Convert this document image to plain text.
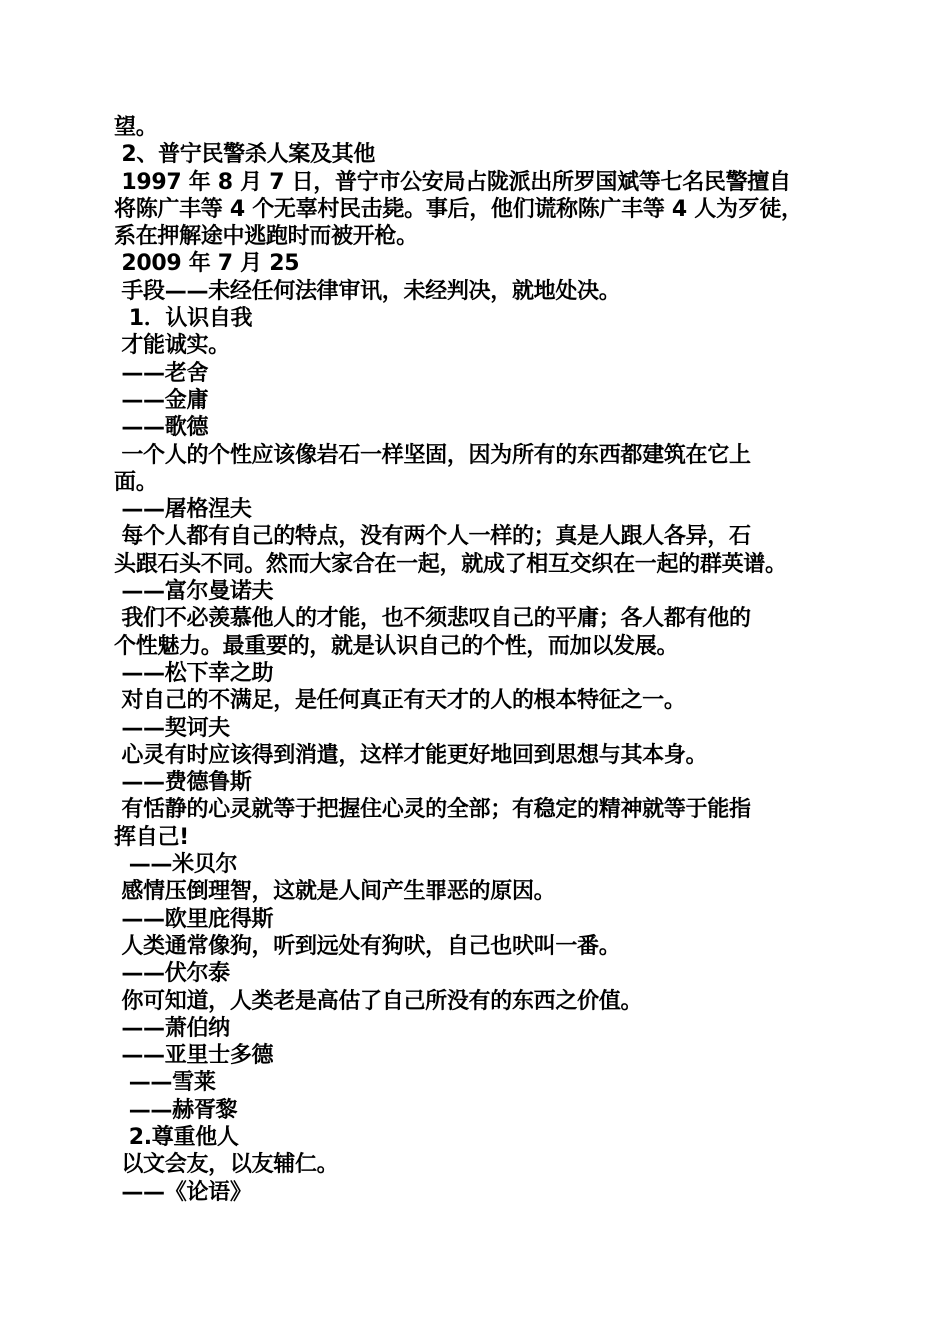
望。
2、普宁民警杀人案及其他
1997 年 8 月 7 日，普宁市公安局占陇派出所罗国斌等七名民警擅自
将陈广丰等 4 个无辜村民击毙。事后，他们谎称陈广丰等 4 人为歹徒，
系在押解途中逃跑时而被开枪。
2009 年 7 月 25
手段——未经任何法律审讯，未经判决，就地处决。
1．认识自我
才能诚实。
——老舍
——金庸
——歌德
一个人的个性应该像岩石一样坚固，因为所有的东西都建筑在它上
面。
——屠格涅夫
每个人都有自己的特点，没有两个人一样的；真是人跟人各异，石
头跟石头不同。然而大家合在一起，就成了相互交织在一起的群英谱。
——富尔曼诺夫
我们不必羡慕他人的才能，也不须悲叹自己的平庸；各人都有他的
个性魅力。最重要的，就是认识自己的个性，而加以发展。
——松下幸之助
对自己的不满足，是任何真正有天才的人的根本特征之一。
——契诃夫
心灵有时应该得到消遣，这样才能更好地回到思想与其本身。
——费德鲁斯
有恬静的心灵就等于把握住心灵的全部；有稳定的精神就等于能指
挥自己!
——米贝尔
感情压倒理智，这就是人间产生罪恶的原因。
——欧里庇得斯
人类通常像狗，听到远处有狗吠，自己也吠叫一番。
——伏尔泰
你可知道，人类老是高估了自己所没有的东西之价值。
——萧伯纳
——亚里士多德
——雪莱
——赫胥黎
2.尊重他人
以文会友，以友辅仁。
——《论语》
